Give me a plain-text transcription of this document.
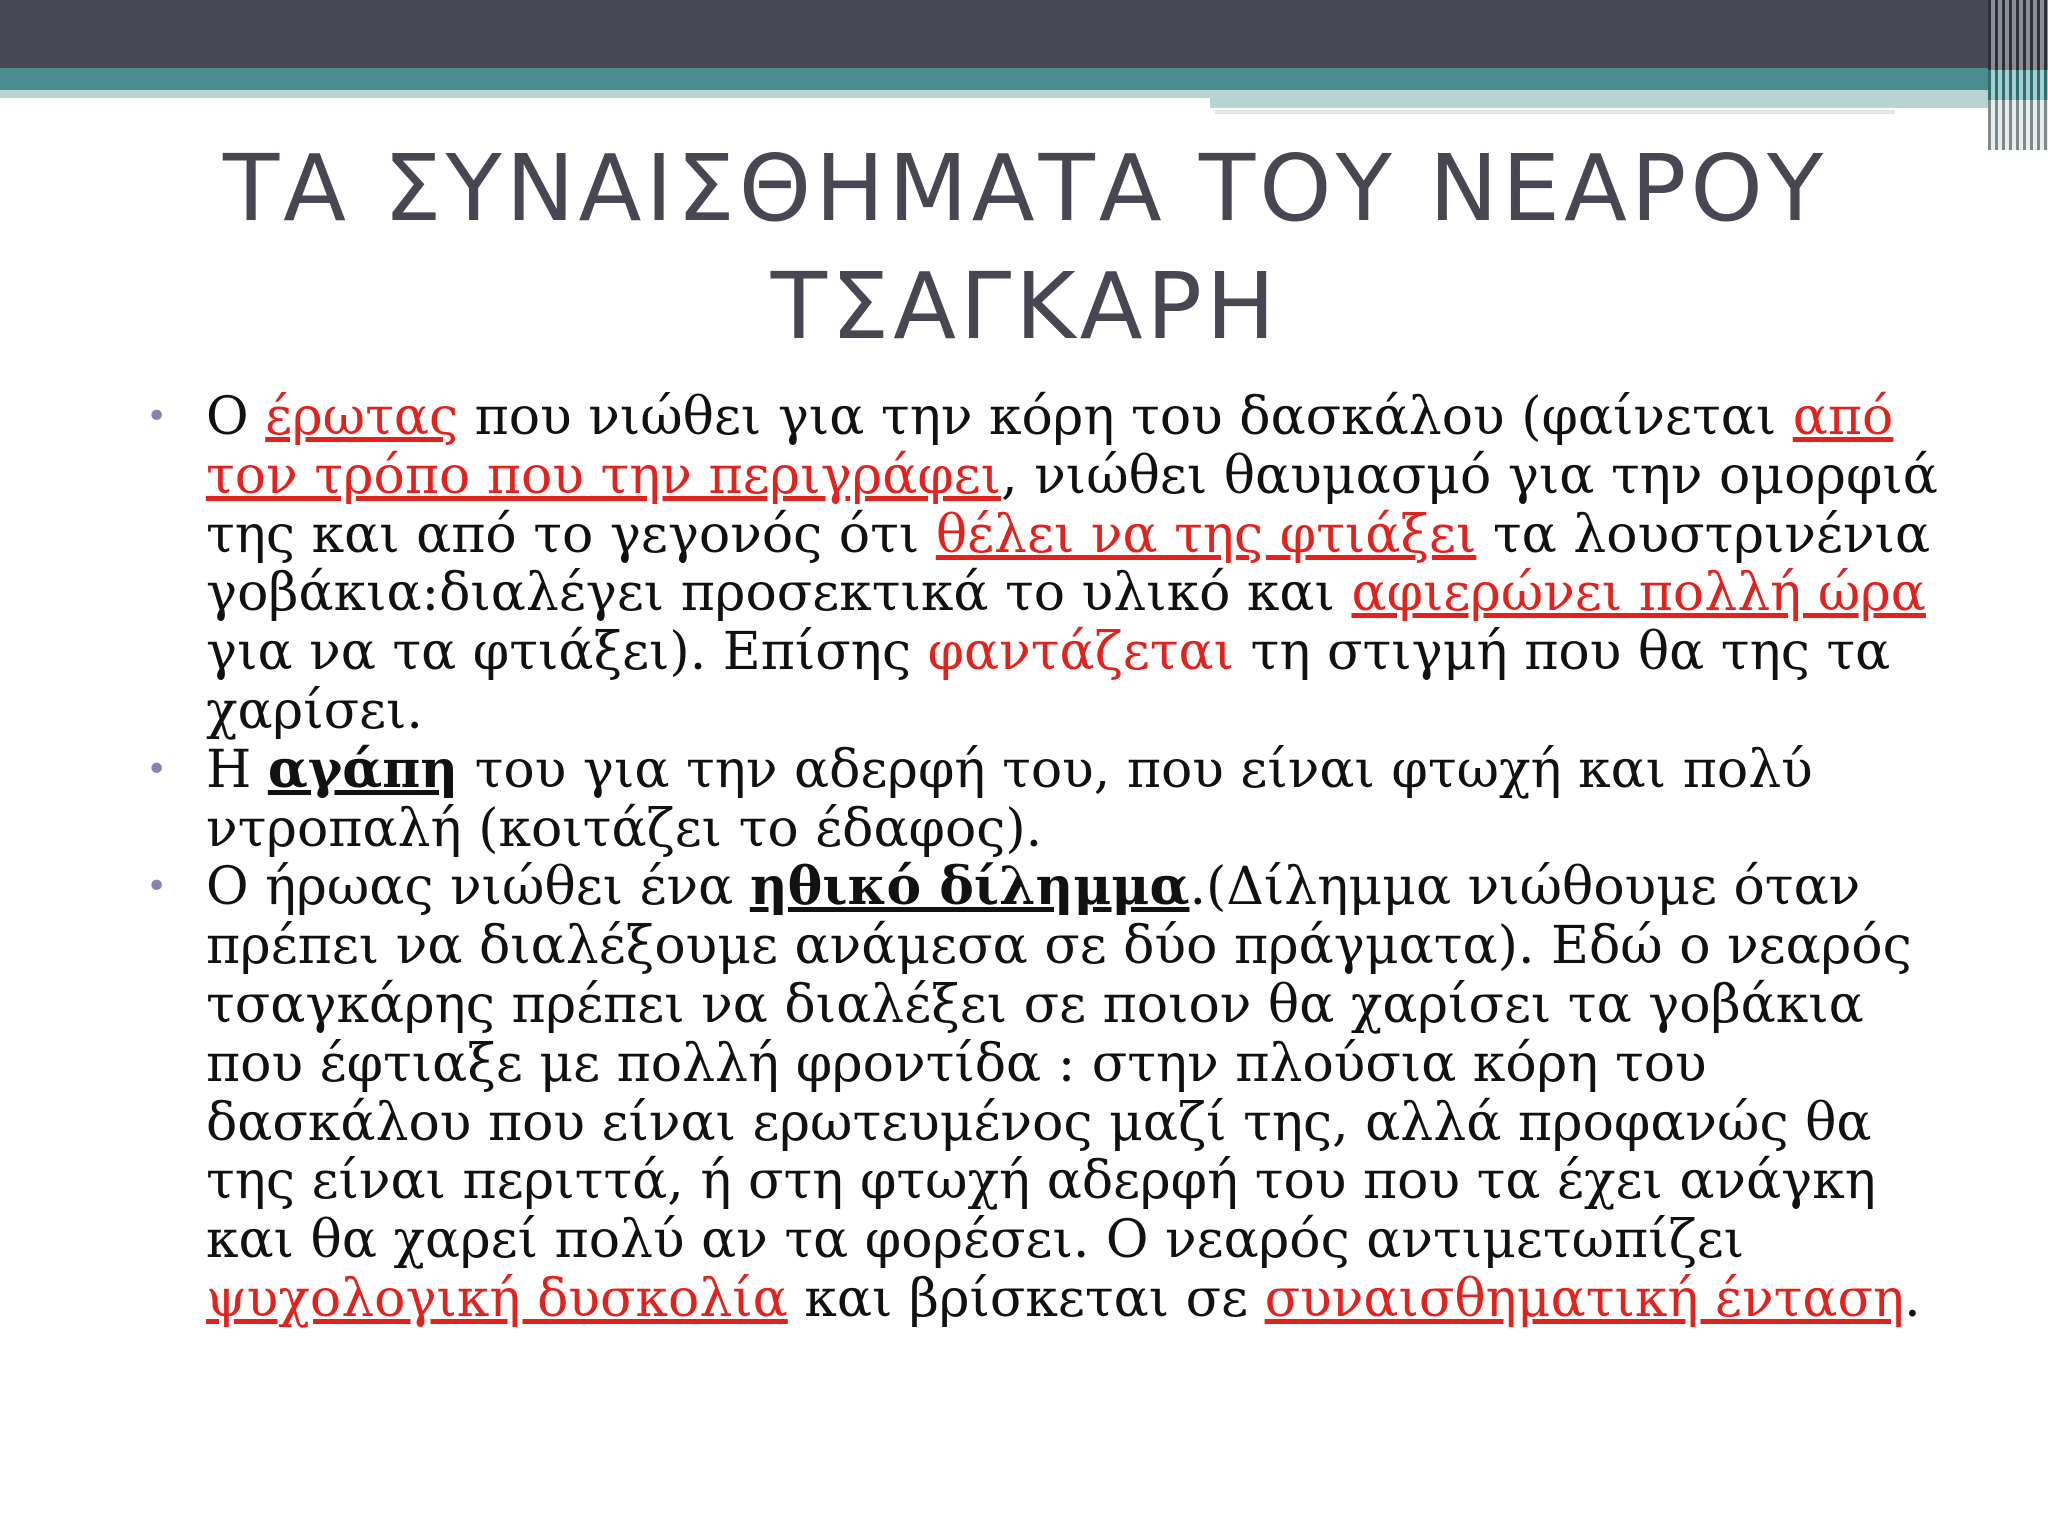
ΤΑ ΣΥΝΑΙΣΘΗΜΑΤΑ ΤΟΥ ΝΕΑΡΟΥ
ΤΣΑΓΚΑΡΗ
• Ο έρωτας που νιώθει για την κόρη του δασκάλου (φαίνεται από τον τρόπο που την περιγράφει, νιώθει θαυμασμό για την ομορφιά της και από το γεγονός ότι θέλει να της φτιάξει τα λουστρινένια γοβάκια:διαλέγει προσεκτικά το υλικό και αφιερώνει πολλή ώρα για να τα φτιάξει). Επίσης φαντάζεται τη στιγμή που θα της τα χαρίσει.
• Η αγάπη του για την αδερφή του, που είναι φτωχή και πολύ ντροπαλή (κοιτάζει το έδαφος).
• Ο ήρωας νιώθει ένα ηθικό δίλημμα.(Δίλημμα νιώθουμε όταν πρέπει να διαλέξουμε ανάμεσα σε δύο πράγματα). Εδώ ο νεαρός τσαγκάρης πρέπει να διαλέξει σε ποιον θα χαρίσει τα γοβάκια που έφτιαξε με πολλή φροντίδα : στην πλούσια κόρη του δασκάλου που είναι ερωτευμένος μαζί της, αλλά προφανώς θα της είναι περιττά, ή στη φτωχή αδερφή του που τα έχει ανάγκη και θα χαρεί πολύ αν τα φορέσει. Ο νεαρός αντιμετωπίζει ψυχολογική δυσκολία και βρίσκεται σε συναισθηματική ένταση.
